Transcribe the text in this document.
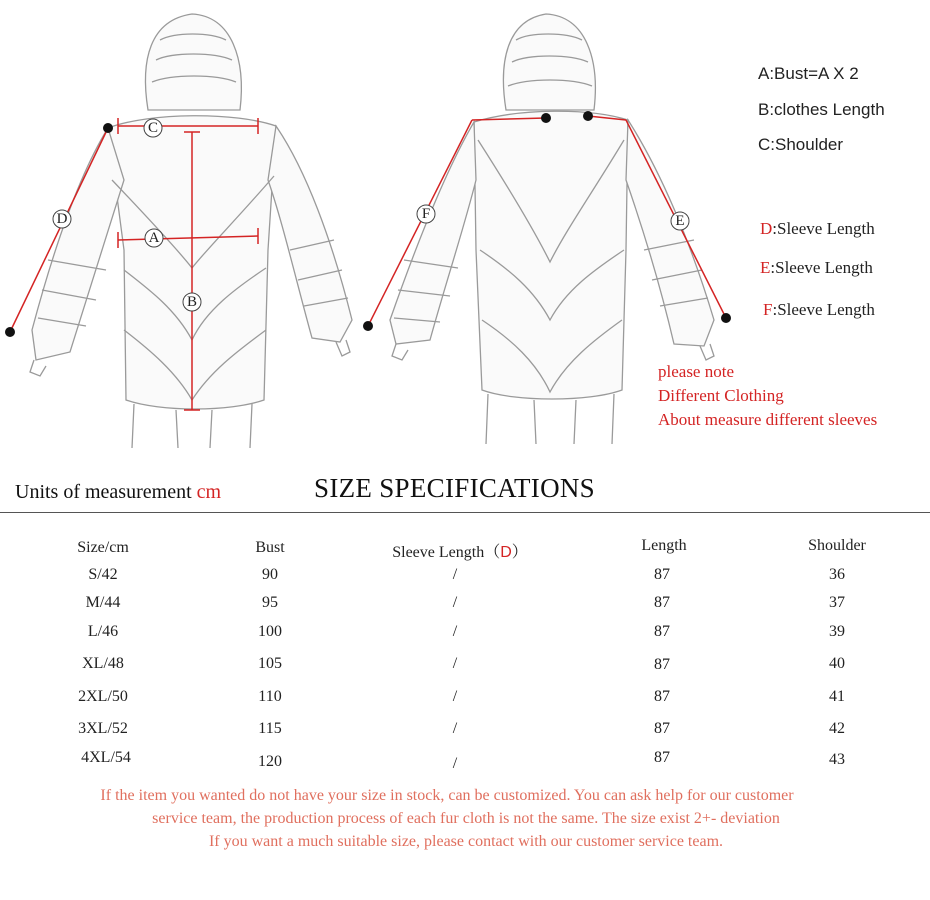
C
D
A
B
F	E
A:Bust=A X 2
B:clothes Length
C:Shoulder
D:Sleeve Length
E:Sleeve Length
F:Sleeve Length
please note
Different Clothing
About measure different sleeves
Units of measurement cm	SIZE SPECIFICATIONS
Size/cm	Bust	Sleeve Length（D）	Length	Shoulder
S/42	90	/	87	36
M/44	95	/	87	37
L/46	100	/	87	39
XL/48	105	/	87	40
2XL/50	110	/	87	41
3XL/52	115	/	87	42
4XL/54	120	/	87	43
If the item you wanted do not have your size in stock, can be customized. You can ask help for our customer
service team, the production process of each fur cloth is not the same. The size exist 2+- deviation
If you want a much suitable size, please contact with our customer service team.
